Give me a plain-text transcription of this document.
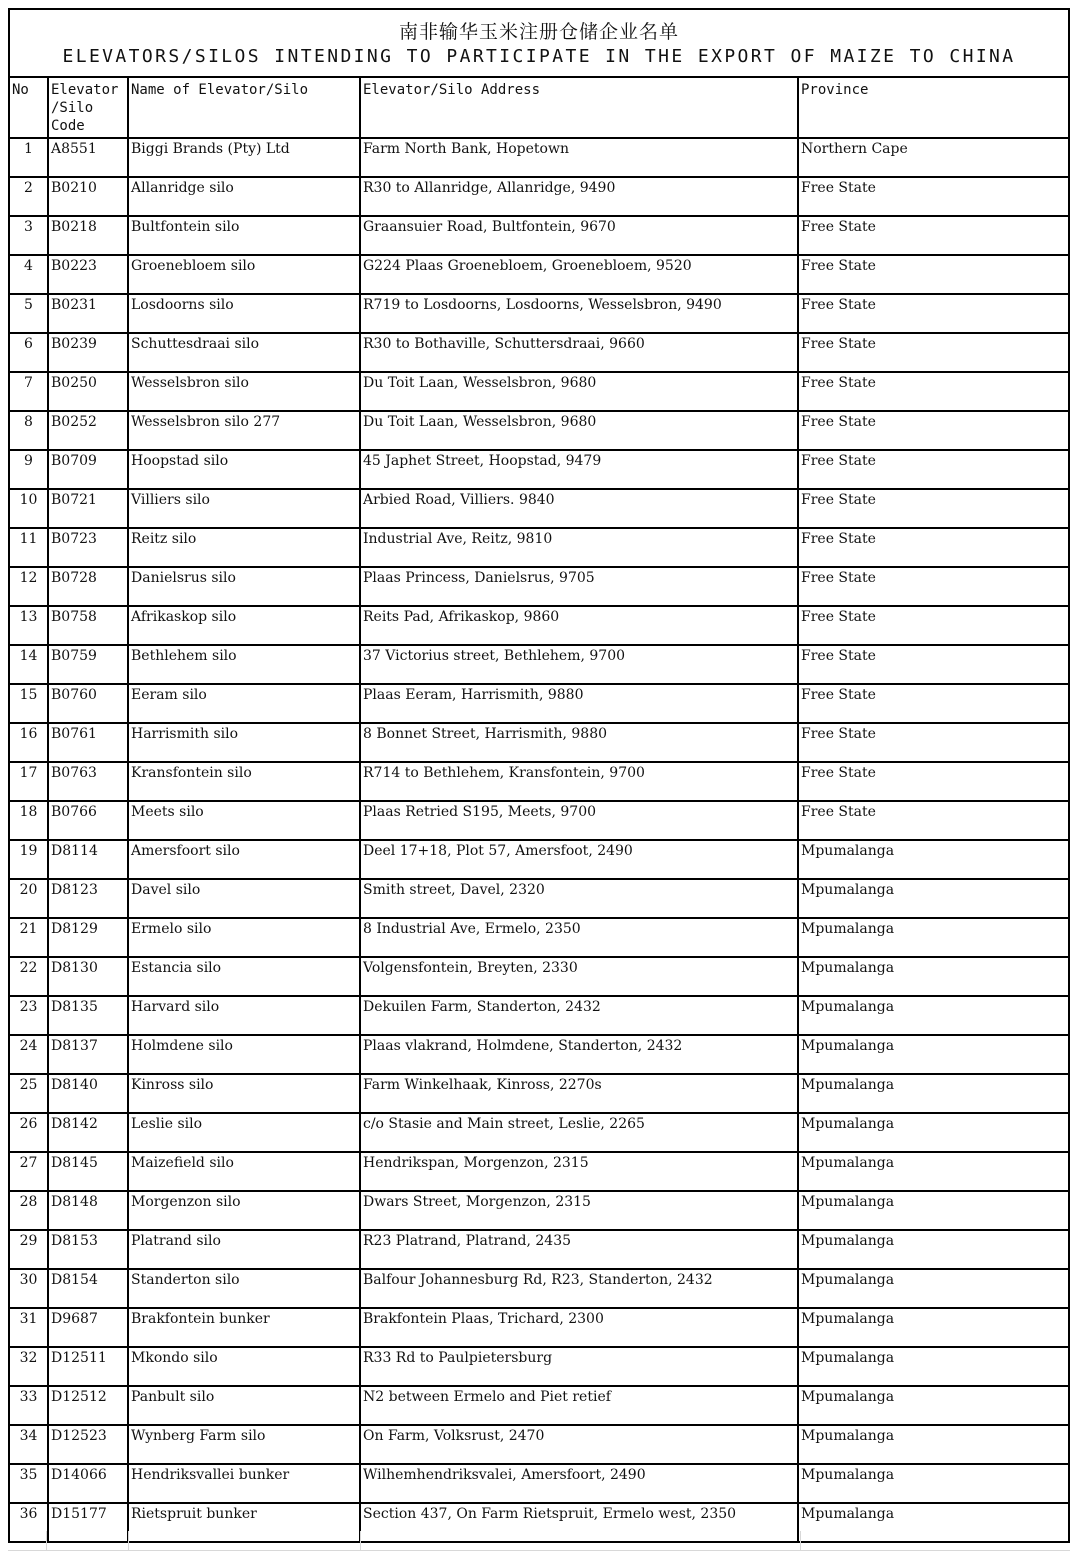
南非输华玉米注册仓储企业名单
ELEVATORS/SILOS INTENDING TO PARTICIPATE IN THE EXPORT OF MAIZE TO CHINA
No	Elevator /Silo Code	Name of Elevator/Silo	Elevator/Silo Address	Province
1	A8551	Biggi Brands (Pty) Ltd	Farm North Bank, Hopetown	Northern Cape
2	B0210	Allanridge silo	R30 to Allanridge, Allanridge, 9490	Free State
3	B0218	Bultfontein silo	Graansuier Road, Bultfontein, 9670	Free State
4	B0223	Groenebloem silo	G224 Plaas Groenebloem, Groenebloem, 9520	Free State
5	B0231	Losdoorns silo	R719 to Losdoorns, Losdoorns, Wesselsbron, 9490	Free State
6	B0239	Schuttesdraai silo	R30 to Bothaville, Schuttersdraai, 9660	Free State
7	B0250	Wesselsbron silo	Du Toit Laan, Wesselsbron, 9680	Free State
8	B0252	Wesselsbron silo 277	Du Toit Laan, Wesselsbron, 9680	Free State
9	B0709	Hoopstad silo	45 Japhet Street, Hoopstad, 9479	Free State
10	B0721	Villiers silo	Arbied Road, Villiers. 9840	Free State
11	B0723	Reitz silo	Industrial Ave, Reitz, 9810	Free State
12	B0728	Danielsrus silo	Plaas Princess, Danielsrus, 9705	Free State
13	B0758	Afrikaskop silo	Reits Pad, Afrikaskop, 9860	Free State
14	B0759	Bethlehem silo	37 Victorius street, Bethlehem, 9700	Free State
15	B0760	Eeram silo	Plaas Eeram, Harrismith, 9880	Free State
16	B0761	Harrismith silo	8 Bonnet Street, Harrismith, 9880	Free State
17	B0763	Kransfontein silo	R714 to Bethlehem, Kransfontein, 9700	Free State
18	B0766	Meets silo	Plaas Retried S195, Meets, 9700	Free State
19	D8114	Amersfoort silo	Deel 17+18, Plot 57, Amersfoot, 2490	Mpumalanga
20	D8123	Davel silo	Smith street, Davel, 2320	Mpumalanga
21	D8129	Ermelo silo	8 Industrial Ave, Ermelo, 2350	Mpumalanga
22	D8130	Estancia silo	Volgensfontein, Breyten, 2330	Mpumalanga
23	D8135	Harvard silo	Dekuilen Farm, Standerton, 2432	Mpumalanga
24	D8137	Holmdene silo	Plaas vlakrand, Holmdene, Standerton, 2432	Mpumalanga
25	D8140	Kinross silo	Farm Winkelhaak, Kinross, 2270s	Mpumalanga
26	D8142	Leslie silo	c/o Stasie and Main street, Leslie, 2265	Mpumalanga
27	D8145	Maizefield silo	Hendrikspan, Morgenzon, 2315	Mpumalanga
28	D8148	Morgenzon silo	Dwars Street, Morgenzon, 2315	Mpumalanga
29	D8153	Platrand silo	R23 Platrand, Platrand, 2435	Mpumalanga
30	D8154	Standerton silo	Balfour Johannesburg Rd, R23, Standerton, 2432	Mpumalanga
31	D9687	Brakfontein bunker	Brakfontein Plaas, Trichard, 2300	Mpumalanga
32	D12511	Mkondo silo	R33 Rd to Paulpietersburg	Mpumalanga
33	D12512	Panbult silo	N2 between Ermelo and Piet retief	Mpumalanga
34	D12523	Wynberg Farm silo	On Farm, Volksrust, 2470	Mpumalanga
35	D14066	Hendriksvallei bunker	Wilhemhendriksvalei, Amersfoort, 2490	Mpumalanga
36	D15177	Rietspruit bunker	Section 437, On Farm Rietspruit, Ermelo west, 2350	Mpumalanga
